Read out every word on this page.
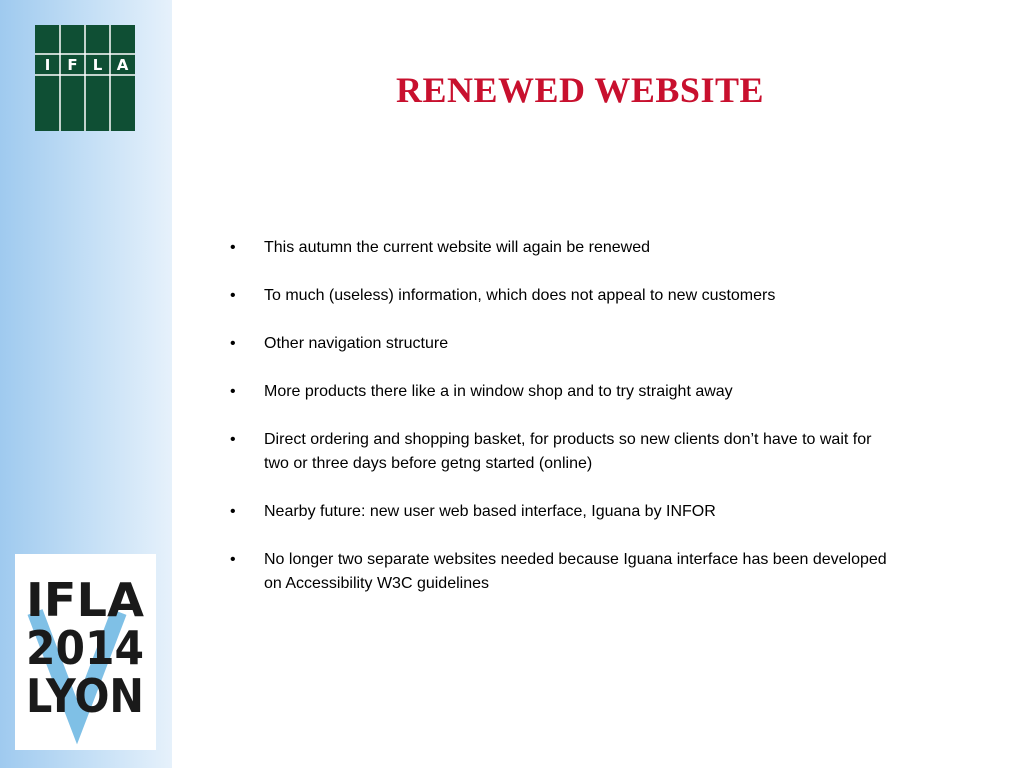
I F L A
IFLA
2014
LYON
RENEWED WEBSITE
• This autumn the current website will again be renewed
• To much (useless) information, which does not appeal to new customers
• Other navigation structure
• More products there like a in window shop and to try straight away
• Direct ordering and shopping basket, for products so new clients don’t have to wait for two or three days before getng started (online)
• Nearby future: new user web based interface, Iguana by INFOR
• No longer two separate websites needed because Iguana interface has been developed on Accessibility W3C guidelines
